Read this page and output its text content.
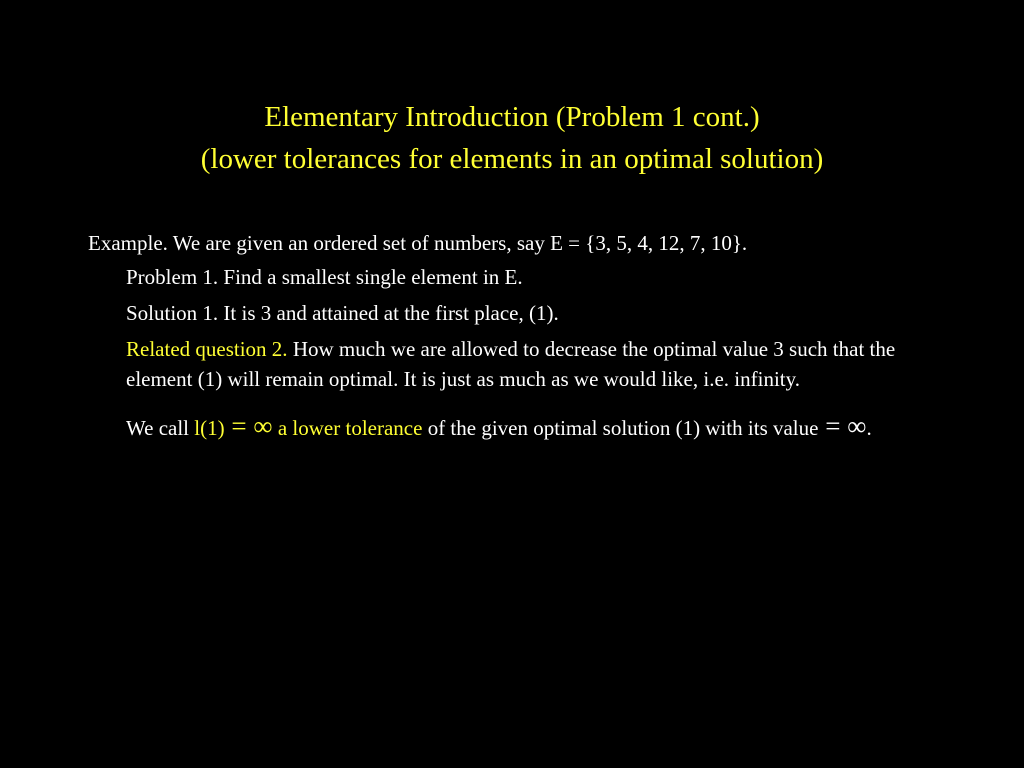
Elementary Introduction (Problem 1 cont.)
(lower tolerances for elements in an optimal solution)

Example. We are given an ordered set of numbers, say E = {3, 5, 4, 12, 7, 10}.

Problem 1. Find a smallest single element in E.

Solution 1. It is 3 and attained at the first place, (1).

Related question 2. How much we are allowed to decrease the optimal value 3 such that the element (1) will remain optimal. It is just as much as we would like, i.e. infinity.

We call l(1) = ∞ a lower tolerance of the given optimal solution (1) with its value = ∞.
